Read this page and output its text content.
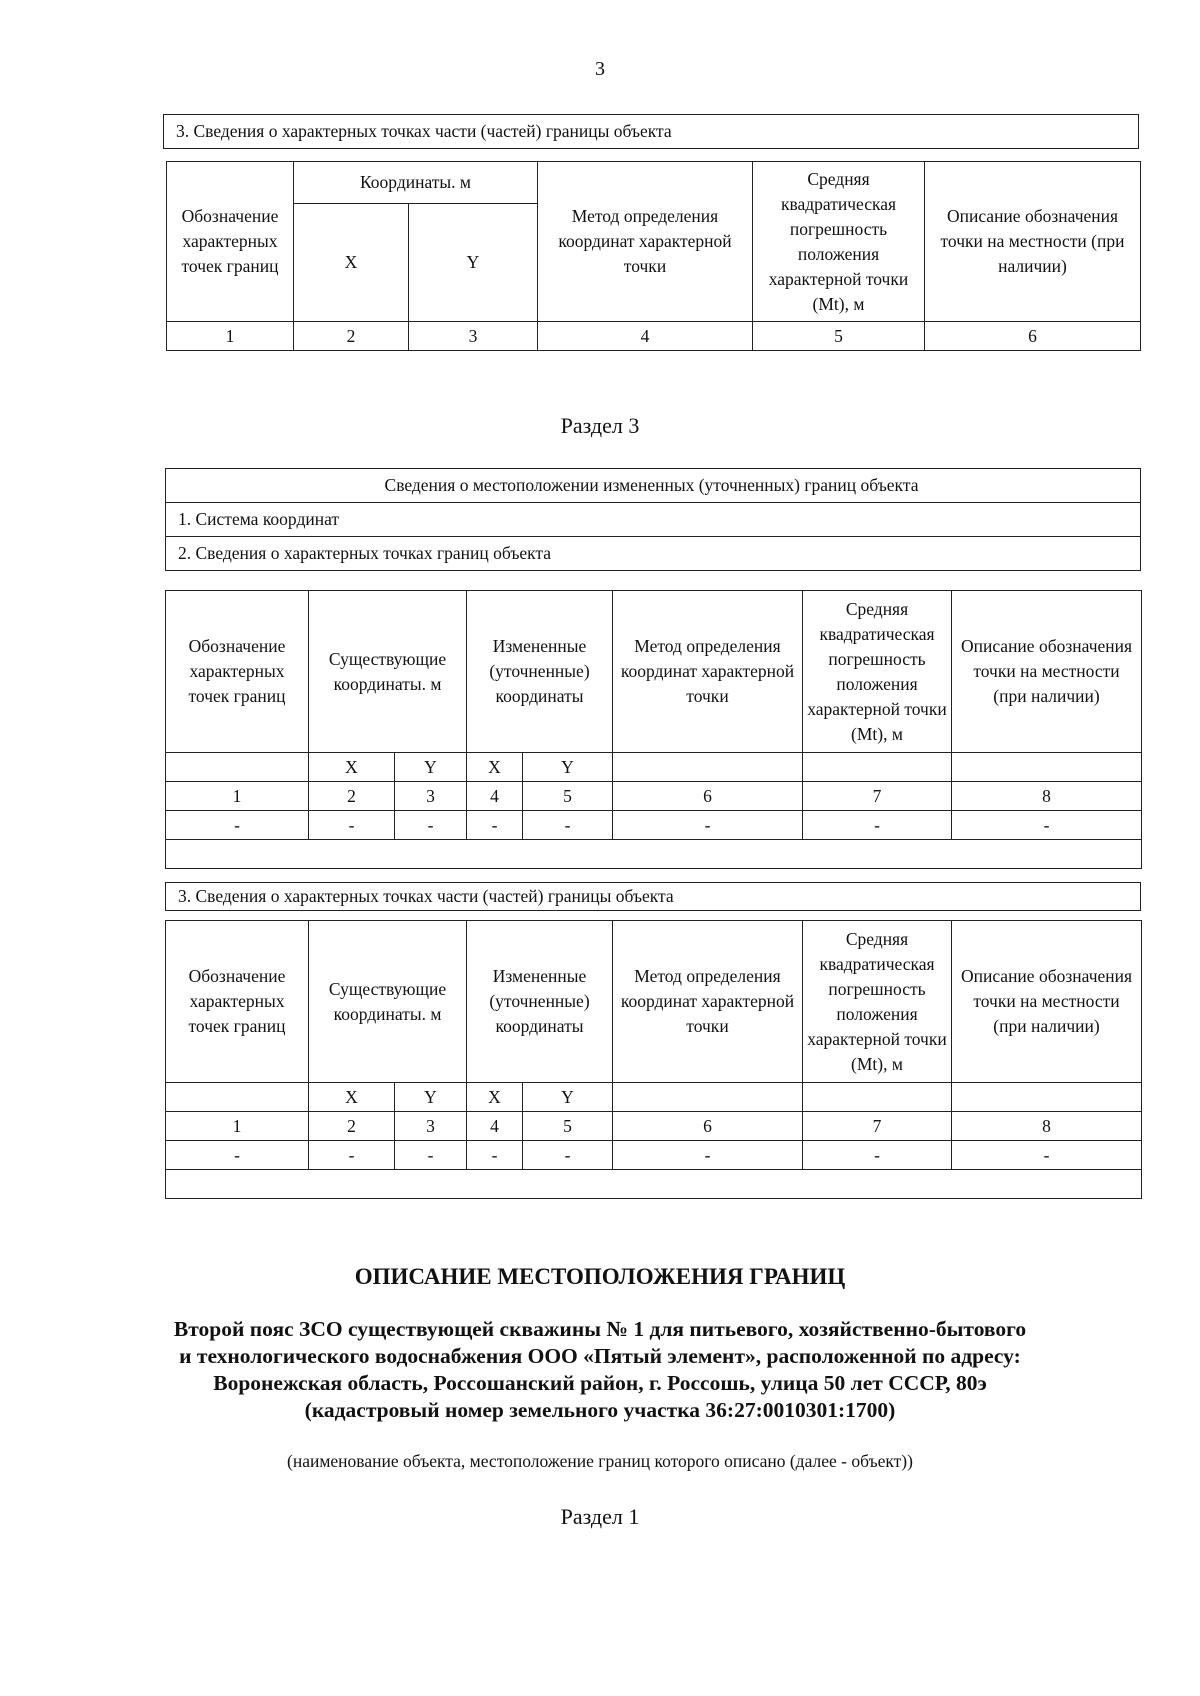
3
3. Сведения о характерных точках части (частей) границы объекта
Обозначение характерных точек границ	Координаты. м		Метод определения координат характерной точки	Средняя квадратическая погрешность положения характерной точки (Mt), м	Описание обозначения точки на местности (при наличии)
	X	Y			
1	2	3	4	5	6
Раздел 3
Сведения о местоположении измененных (уточненных) границ объекта
1. Система координат
2. Сведения о характерных точках границ объекта
Обозначение характерных точек границ	Существующие координаты. м		Измененные (уточненные) координаты		Метод определения координат характерной точки	Средняя квадратическая погрешность положения характерной точки (Mt), м	Описание обозначения точки на местности (при наличии)
	X	Y	X	Y			
1	2	3	4	5	6	7	8
-	-	-	-	-	-	-	-

3. Сведения о характерных точках части (частей) границы объекта
Обозначение характерных точек границ	Существующие координаты. м		Измененные (уточненные) координаты		Метод определения координат характерной точки	Средняя квадратическая погрешность положения характерной точки (Mt), м	Описание обозначения точки на местности (при наличии)
	X	Y	X	Y			
1	2	3	4	5	6	7	8
-	-	-	-	-	-	-	-

ОПИСАНИЕ МЕСТОПОЛОЖЕНИЯ ГРАНИЦ
Второй пояс ЗСО существующей скважины № 1 для питьевого, хозяйственно-бытового
и технологического водоснабжения ООО «Пятый элемент», расположенной по адресу:
Воронежская область, Россошанский район, г. Россошь, улица 50 лет СССР, 80э
(кадастровый номер земельного участка 36:27:0010301:1700)
(наименование объекта, местоположение границ которого описано (далее - объект))
Раздел 1
